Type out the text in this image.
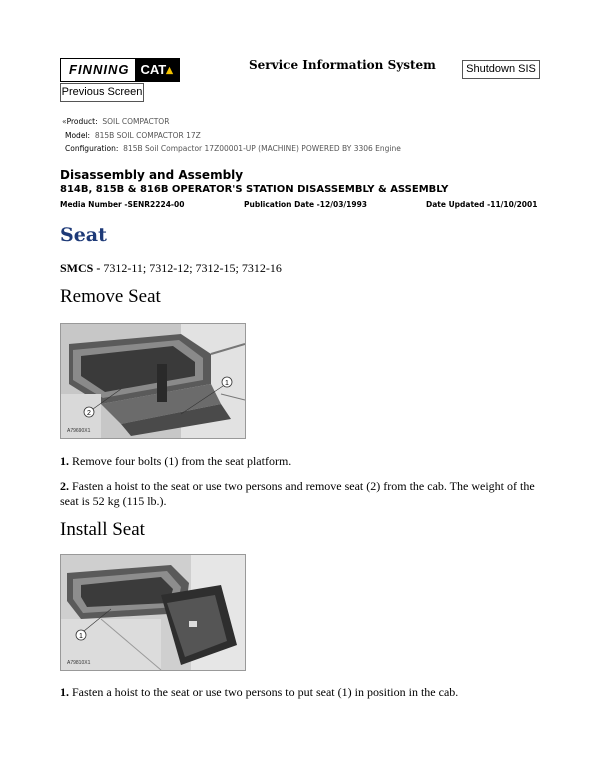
FINNING CAT▴	Service Information System	Shutdown SIS
Previous Screen
«Product: SOIL COMPACTOR
Model: 815B SOIL COMPACTOR 17Z
Configuration: 815B Soil Compactor 17Z00001-UP (MACHINE) POWERED BY 3306 Engine
Disassembly and Assembly
814B, 815B & 816B OPERATOR'S STATION DISASSEMBLY & ASSEMBLY
Media Number -SENR2224-00	Publication Date -12/03/1993	Date Updated -11/10/2001
Seat
SMCS - 7312-11; 7312-12; 7312-15; 7312-16
Remove Seat
1
2
A79690X1
1. Remove four bolts (1) from the seat platform.
2. Fasten a hoist to the seat or use two persons and remove seat (2) from the cab. The weight of the seat is 52 kg (115 lb.).
Install Seat
1
A79810X1
1. Fasten a hoist to the seat or use two persons to put seat (1) in position in the cab.
